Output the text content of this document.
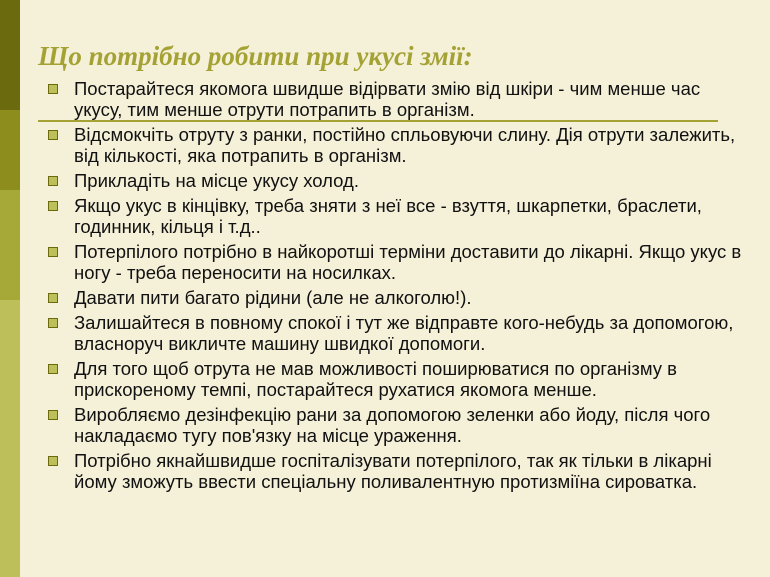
Що потрібно робити при укусі змії:
Постарайтеся якомога швидше відірвати змію від шкіри - чим менше час укусу, тим менше отрути потрапить в організм.
Відсмокчіть отруту з ранки, постійно спльовуючи слину. Дія отрути залежить, від кількості, яка потрапить в організм.
Прикладіть на місце укусу холод.
Якщо укус в кінцівку, треба зняти з неї все - взуття, шкарпетки, браслети, годинник, кільця і т.д..
Потерпілого потрібно в найкоротші терміни доставити до лікарні. Якщо укус в ногу - треба переносити на носилках.
Давати пити багато рідини (але не алкоголю!).
Залишайтеся в повному спокої і тут же відправте кого-небудь за допомогою, власноруч викличте машину швидкої допомоги.
Для того щоб отрута не мав можливості поширюватися по організму в прискореному темпі, постарайтеся рухатися якомога менше.
Виробляємо дезінфекцію рани за допомогою зеленки або йоду, після чого накладаємо тугу пов'язку на місце ураження.
Потрібно якнайшвидше госпіталізувати потерпілого, так як тільки в лікарні йому зможуть ввести спеціальну поливалентную протизміїна сироватка.
